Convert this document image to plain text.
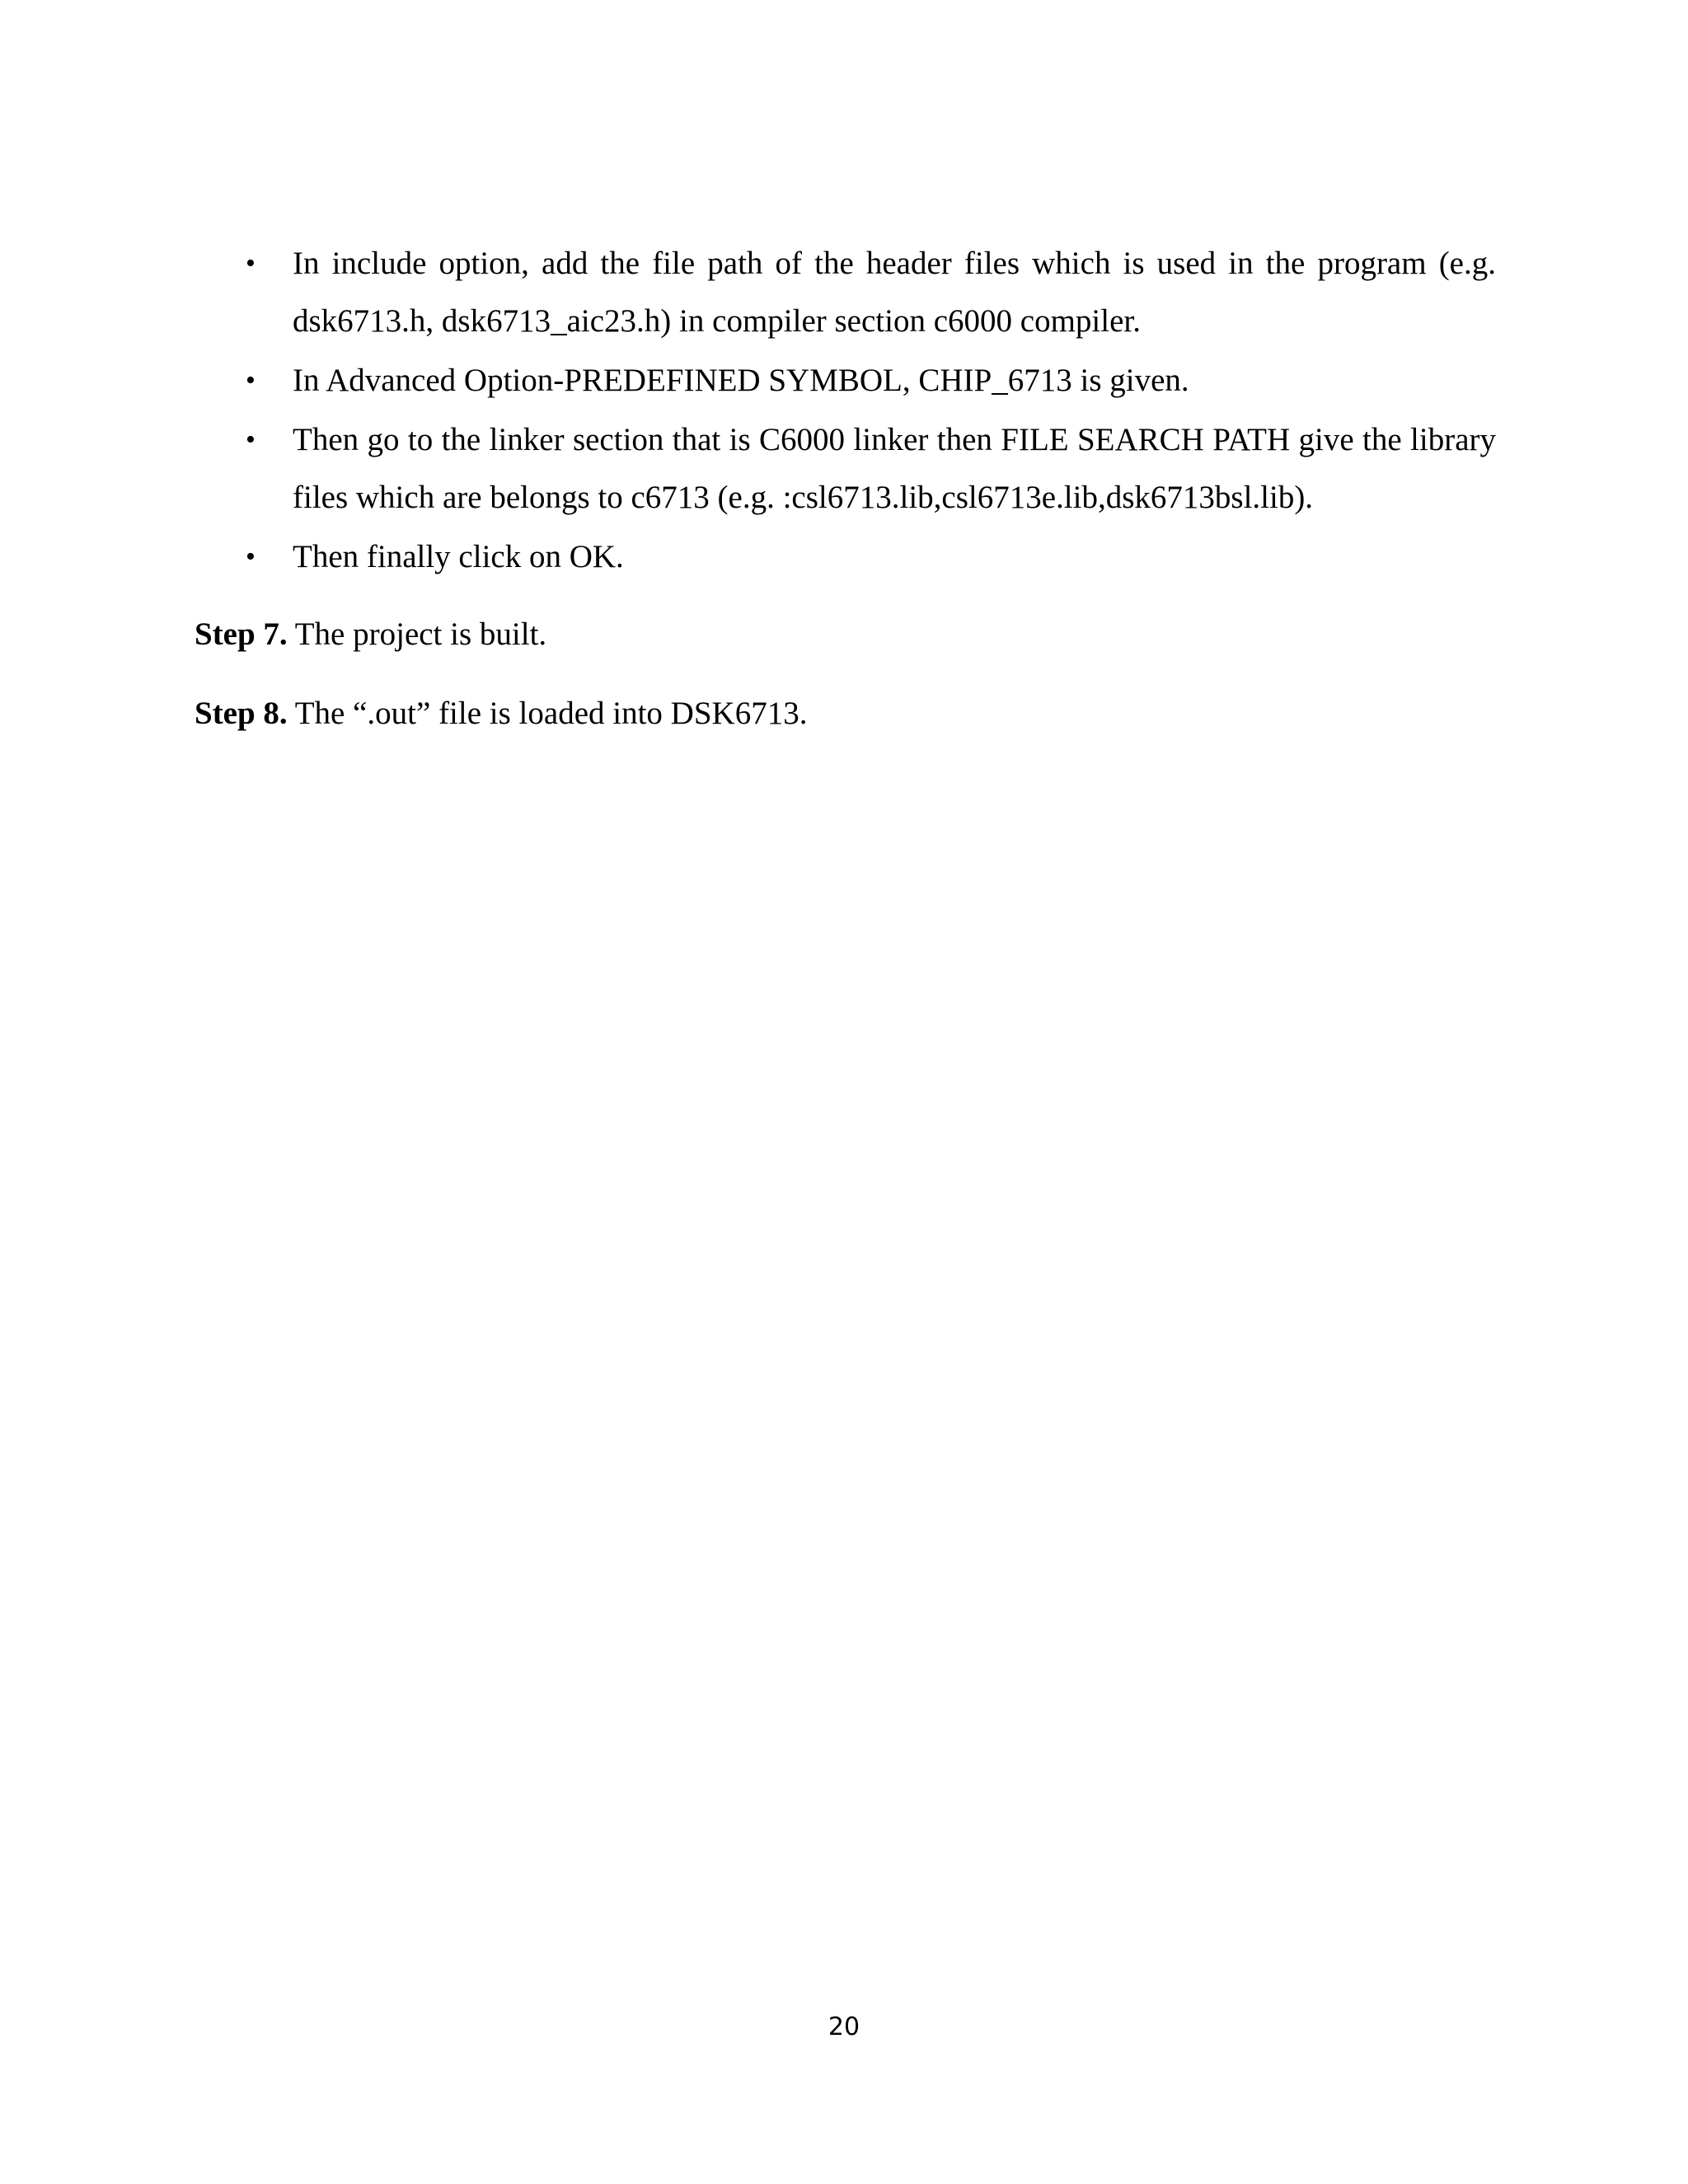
• In include option, add the file path of the header files which is used in the program (e.g. dsk6713.h, dsk6713_aic23.h) in compiler section c6000 compiler.
• In Advanced Option-PREDEFINED SYMBOL, CHIP_6713 is given.
• Then go to the linker section that is C6000 linker then FILE SEARCH PATH give the library files which are belongs to c6713 (e.g. :csl6713.lib,csl6713e.lib,dsk6713bsl.lib).
• Then finally click on OK.

Step 7. The project is built.

Step 8. The “.out” file is loaded into DSK6713.

20
